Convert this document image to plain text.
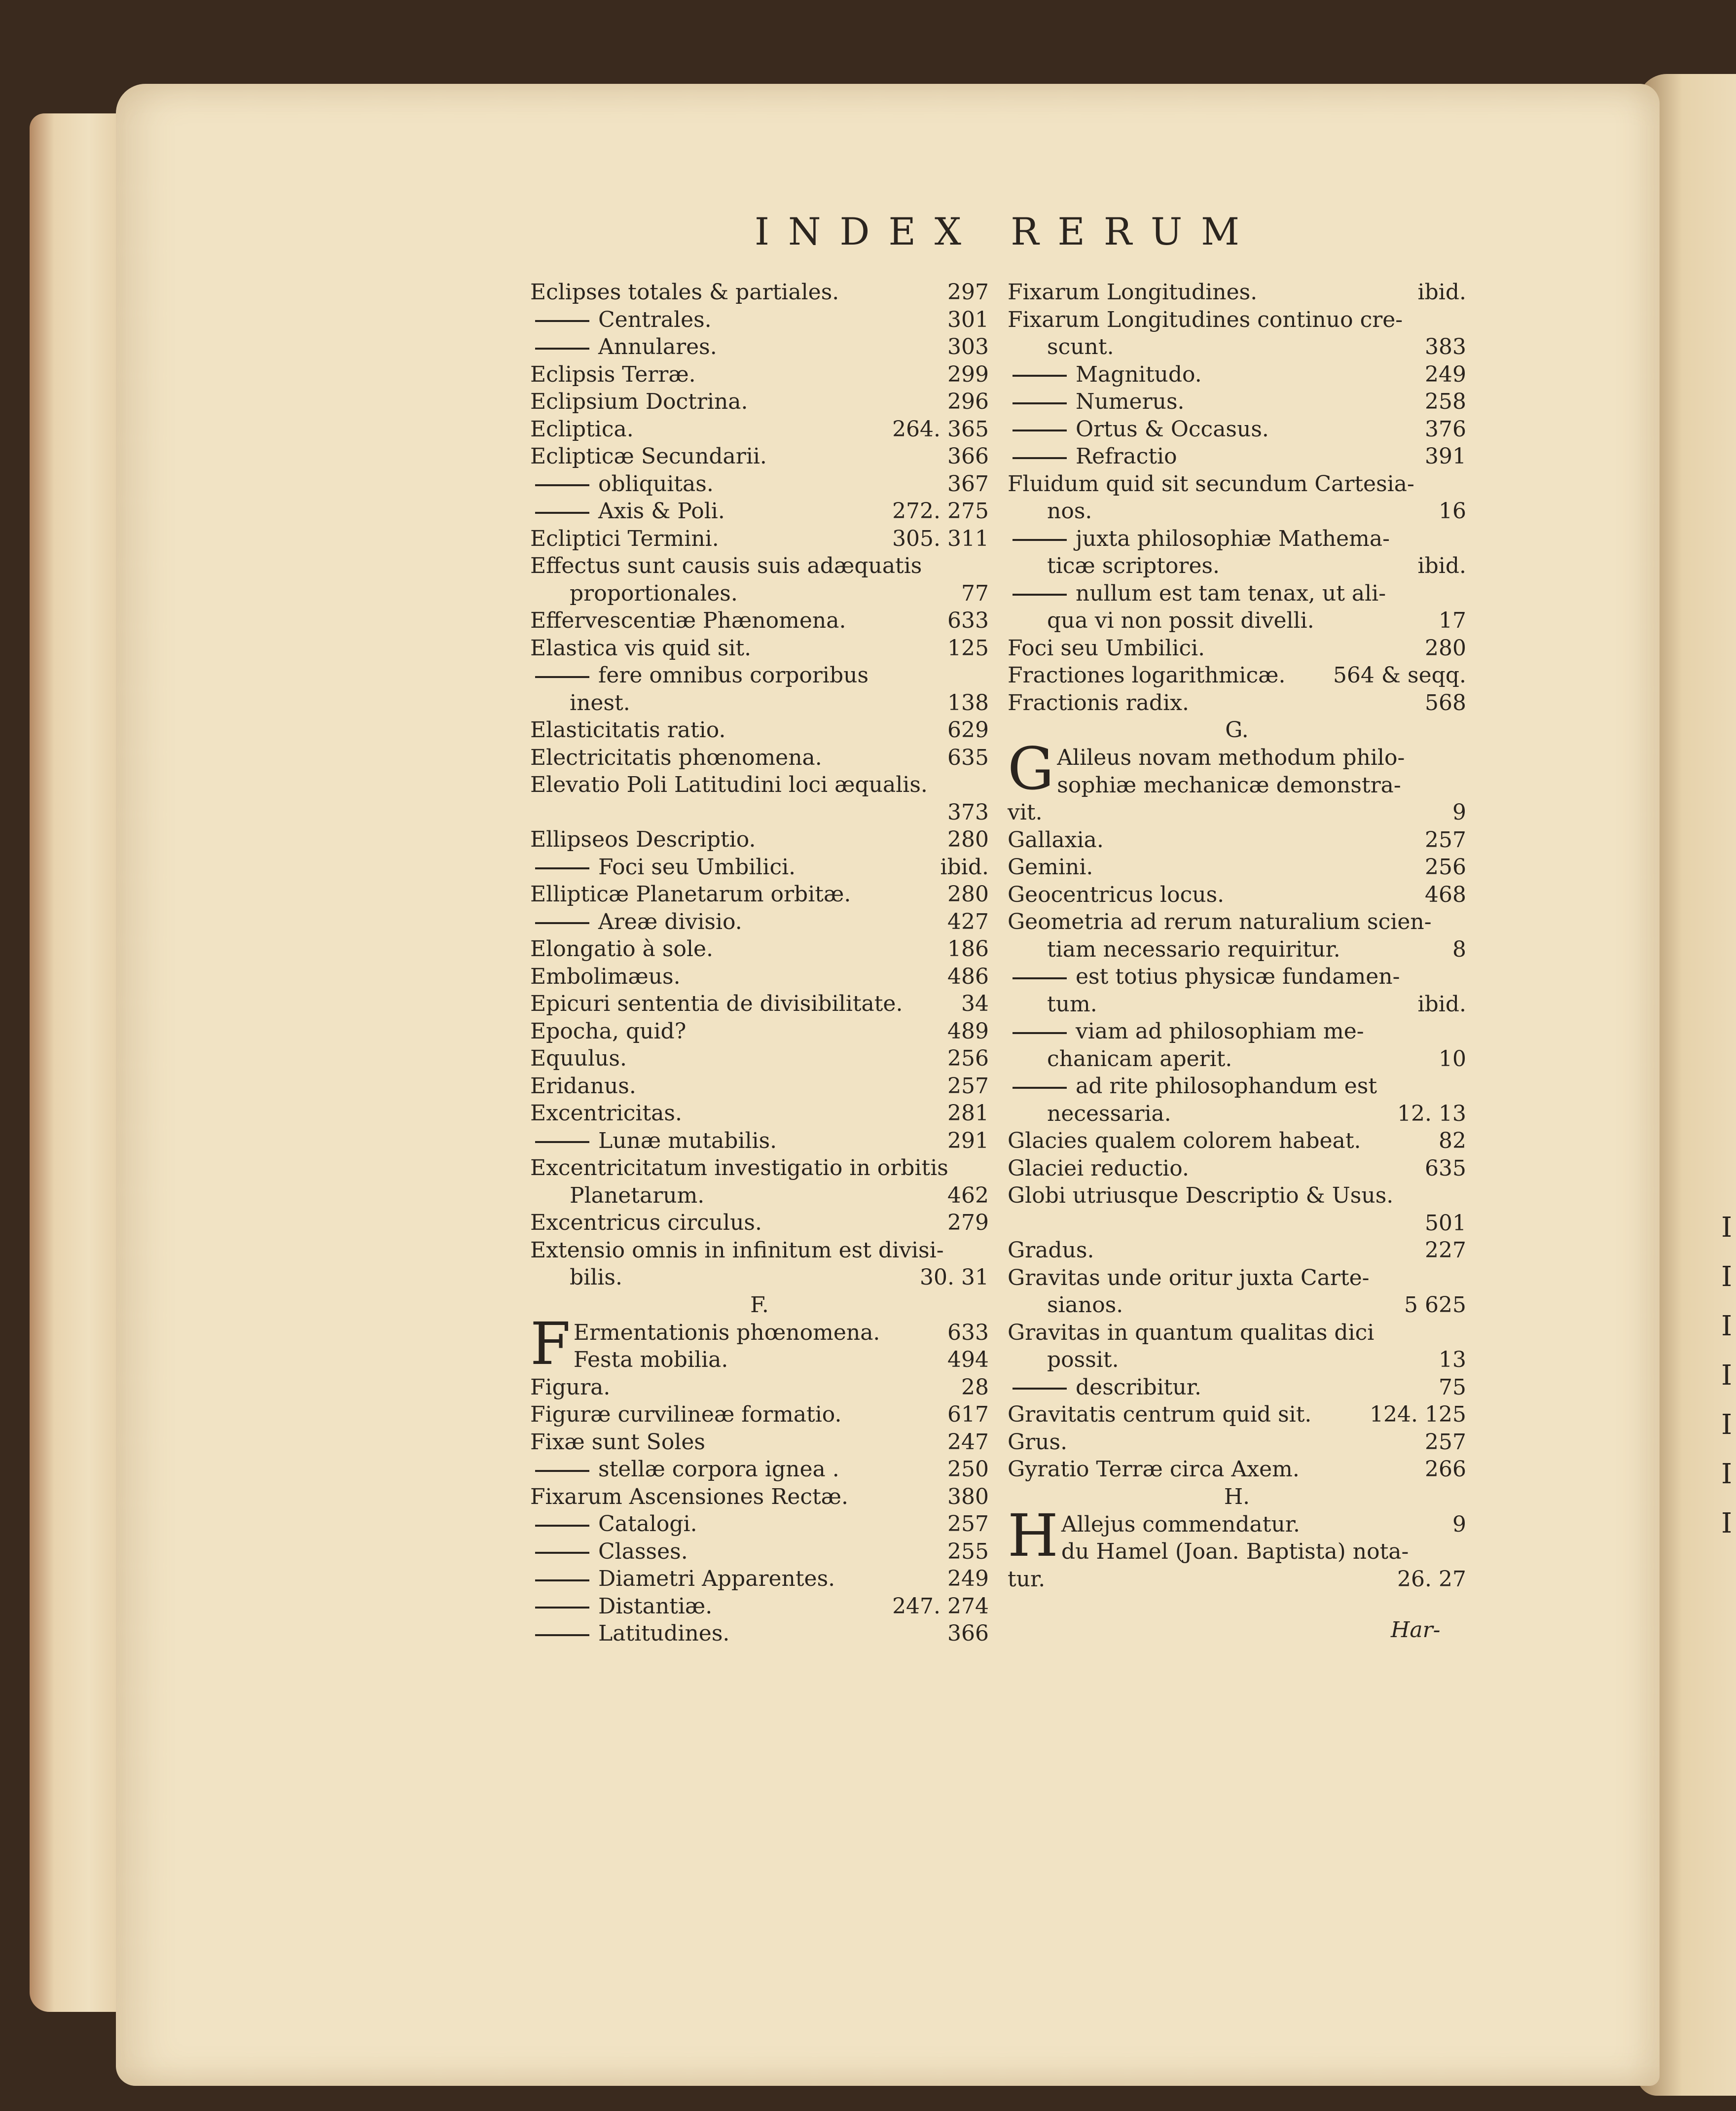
INDEX RERUM
Eclipses totales & partiales.	297
Centrales.	301
Annulares.	303
Eclipsis Terræ.	299
Eclipsium Doctrina.	296
Ecliptica.	264. 365
Eclipticæ Secundarii.	366
obliquitas.	367
Axis & Poli.	272. 275
Ecliptici Termini.	305. 311
Effectus sunt causis suis adæquatis
proportionales.	77
Effervescentiæ Phænomena.	633
Elastica vis quid sit.	125
fere omnibus corporibus
inest.	138
Elasticitatis ratio.	629
Electricitatis phœnomena.	635
Elevatio Poli Latitudini loci æqualis.
373
Ellipseos Descriptio.	280
Foci seu Umbilici.	ibid.
Ellipticæ Planetarum orbitæ.	280
Areæ divisio.	427
Elongatio à sole.	186
Embolimæus.	486
Epicuri sententia de divisibilitate.	34
Epocha, quid?	489
Equulus.	256
Eridanus.	257
Excentricitas.	281
Lunæ mutabilis.	291
Excentricitatum investigatio in orbitis
Planetarum.	462
Excentricus circulus.	279
Extensio omnis in infinitum est divisi-
bilis.	30. 31
F.
F Ermentationis phœnomena.	633
Festa mobilia.	494
Figura.	28
Figuræ curvilineæ formatio.	617
Fixæ sunt Soles	247
stellæ corpora ignea .	250
Fixarum Ascensiones Rectæ.	380
Catalogi.	257
Classes.	255
Diametri Apparentes.	249
Distantiæ.	247. 274
Latitudines.	366
Fixarum Longitudines.	ibid.
Fixarum Longitudines continuo cre-
scunt.	383
Magnitudo.	249
Numerus.	258
Ortus & Occasus.	376
Refractio	391
Fluidum quid sit secundum Cartesia-
nos.	16
juxta philosophiæ Mathema-
ticæ scriptores.	ibid.
nullum est tam tenax, ut ali-
qua vi non possit divelli.	17
Foci seu Umbilici.	280
Fractiones logarithmicæ.	564 & seqq.
Fractionis radix.	568
G.
G Alileus novam methodum philo-
sophiæ mechanicæ demonstra-
vit.	9
Gallaxia.	257
Gemini.	256
Geocentricus locus.	468
Geometria ad rerum naturalium scien-
tiam necessario requiritur.	8
est totius physicæ fundamen-
tum.	ibid.
viam ad philosophiam me-
chanicam aperit.	10
ad rite philosophandum est
necessaria.	12. 13
Glacies qualem colorem habeat.	82
Glaciei reductio.	635
Globi utriusque Descriptio & Usus.
501
Gradus.	227
Gravitas unde oritur juxta Carte-
sianos.	5 625
Gravitas in quantum qualitas dici
possit.	13
describitur.	75
Gravitatis centrum quid sit.	124. 125
Grus.	257
Gyratio Terræ circa Axem.	266
H.
H Allejus commendatur.	9
du Hamel (Joan. Baptista) nota-
tur.	26. 27
Har-
I
I
I
I
I
I
I
